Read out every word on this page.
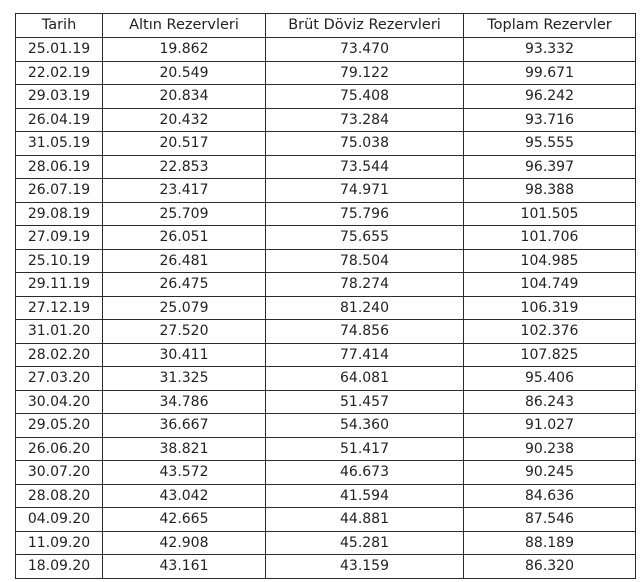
Tarih	Altın Rezervleri	Brüt Döviz Rezervleri	Toplam Rezervler
25.01.19	19.862	73.470	93.332
22.02.19	20.549	79.122	99.671
29.03.19	20.834	75.408	96.242
26.04.19	20.432	73.284	93.716
31.05.19	20.517	75.038	95.555
28.06.19	22.853	73.544	96.397
26.07.19	23.417	74.971	98.388
29.08.19	25.709	75.796	101.505
27.09.19	26.051	75.655	101.706
25.10.19	26.481	78.504	104.985
29.11.19	26.475	78.274	104.749
27.12.19	25.079	81.240	106.319
31.01.20	27.520	74.856	102.376
28.02.20	30.411	77.414	107.825
27.03.20	31.325	64.081	95.406
30.04.20	34.786	51.457	86.243
29.05.20	36.667	54.360	91.027
26.06.20	38.821	51.417	90.238
30.07.20	43.572	46.673	90.245
28.08.20	43.042	41.594	84.636
04.09.20	42.665	44.881	87.546
11.09.20	42.908	45.281	88.189
18.09.20	43.161	43.159	86.320
